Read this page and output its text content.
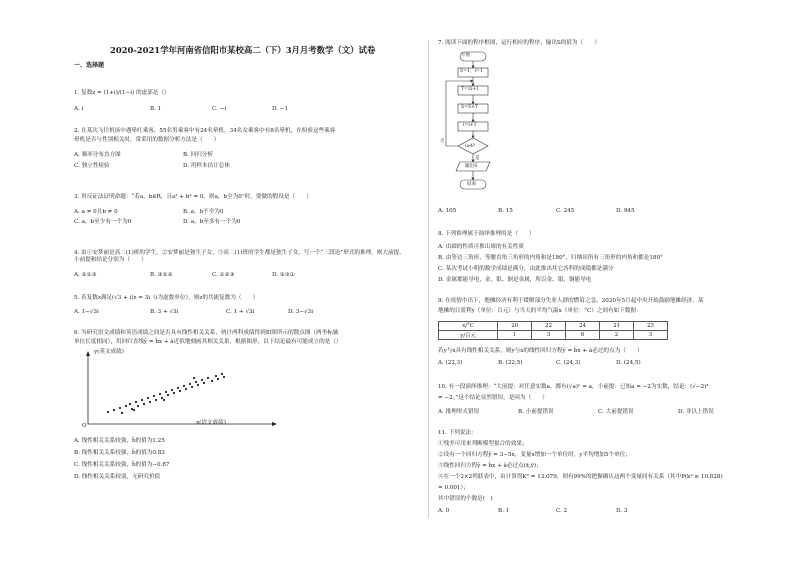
2020-2021学年河南省信阳市某校高二（下）3月月考数学（文）试卷
一、选择题
1. 复数z = (1+i)/(1−i) 的虚部是（）
A. i	B. 1	C. −i	D. −1
2. 在某次飞往机场中遇晕吐乘客，55名男乘客中有24名晕机，34名女乘客中有8名晕机，在检验这些乘客
晕机是否与性别相关时，常采用的数据分析方法是（　　）
A. 频率分布直方图	B. 回归分析
C. 独立性检验	D. 用样本估计总体
3. 用反证法证明命题：“若a，b∈R，且a² + b² = 0，则a，b全为0”时，要做的假设是（　　）
A. a ≠ 0且b ≠ 0	B. a，b不全为0
C. a，b至少有一个为0	D. a，b至多有一个为0
4. 由①安梦丽是高二(1)班的学生，②安梦丽是独生子女，③高二(1)班的学生都是独生子女，写一个“三段论”形式的推理，则大前提、小前提和结论分别为（　　）
A. ②①③	B. ③①②	C. ①②③	D. ②③①
5. 若复数z满足(√3 + i)z = 3i（i为虚数单位），则z的共轭复数为（　　）
A. 1−√3i	B. 3 + √3i	C. 1 + √3i	D. 3−√3i
6. 为研究语文成绩和英语成绩之间是否具有线性相关关系，统计两科成绩得到如图所示的散点图（两坐标轴
单位长度相同），用回归直线ŷ = b̂x + â近似地刻画其相关关系，根据图形，以下结论最有可能成立的是（）
y(英文成绩)
O	x(语文成绩)
A. 线性相关关系较强，b̂的值为1.25
B. 线性相关关系较强，b̂的值为0.83
C. 线性相关关系较强，b̂的值为−0.87
D. 线性相关关系较弱，无研究价值
7. 阅读下面的程序框图，运行相应的程序，输出S的值为（　　）
开始
S=1，i=1
T=2i+1
S=S×T
i=i+1
i≥4?
否
是
输出S
结束
A. 105	B. 15	C. 245	D. 945
8. 下列推理属于演绎推理的是（　　）
A. 由圆的性质可推出球的有关性质
B. 由等边三角形、等腰直角三角形的内角和是180°，归纳出所有三角形的内角和都是180°
C. 某次考试小明的数学成绩是满分，由此推出其它各科的成绩都是满分
D. 金属都能导电，金、银、铜是金属，所以金、银、铜能导电
9. 在疫情中出下，地摊经济有利于缓解部分失业人群的燃眉之急，2020年5月起中央开始鼓励地摊经济。某
地摊的日盈利y（单位：百元）与当天的平均气温x（单位：°C）之间有如下数据：
x/°C	20	22	24	21	23
y/百元	1	3	6	2	3
若y与x具有线性相关关系，则y与x的线性回归方程ŷ = b̂x + â必过的点为（　　）
A. (22,3)	B. (22,5)	C. (24,3)	D. (24,5)
10. 有一段演绎推理：“大前提：对任意实数a，都有(√a)ⁿ = a，小前提：已知a = −2为实数，结论：(√−2)⁴
= −2。”这个结论显然错误，是因为（　　）
A. 推理形式错误	B. 小前提错误	C. 大前提错误	D. 非以上错误
11. 下列说法：
①残差可用来判断模型拟合的效果；
②设有一个回归方程ŷ = 3−5x，变量x增加一个单位时，y平均增加5个单位；
③线性回归方程ŷ = b̂x + â必过点(x̄,ȳ)；
④在一个2×2列联表中，由计算得K² = 13.079，则有99%的把握确认这两个变量间有关系（其中P(k² ≥ 10.828)
= 0.001）；
其中错误的个数是(　)
A. 0	B. 1	C. 2	D. 3
